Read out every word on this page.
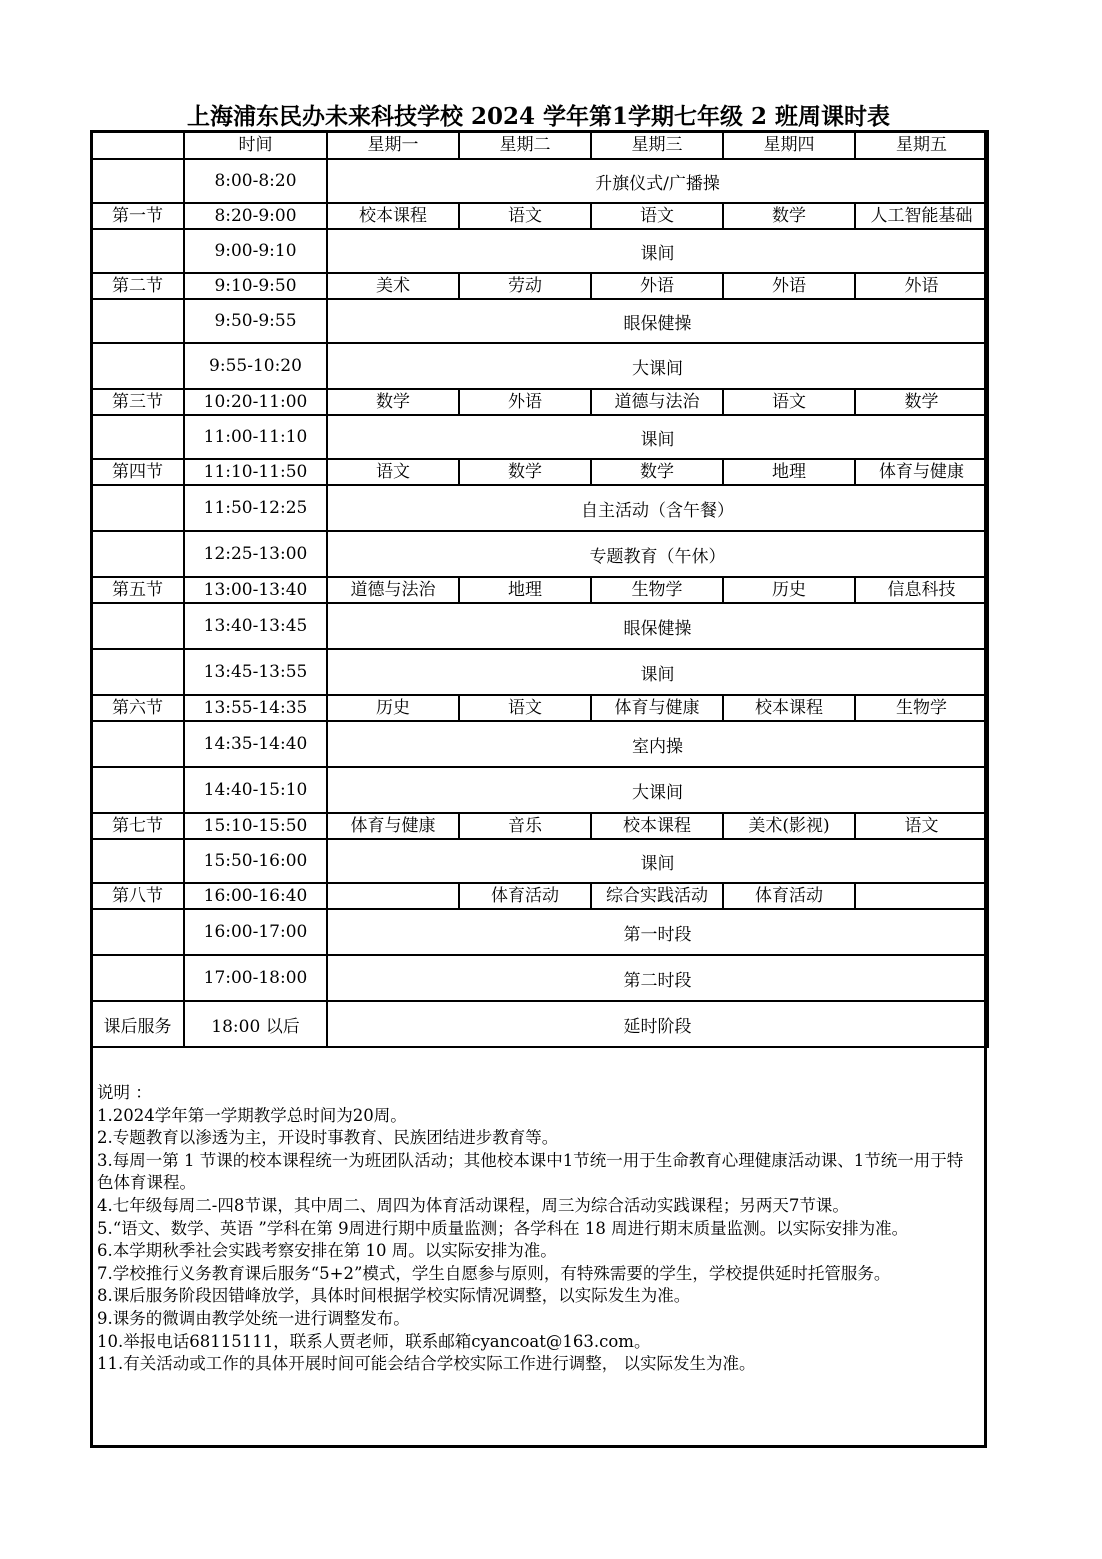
上海浦东民办未来科技学校 2024 学年第1学期七年级 2 班周课时表
	时间	星期一	星期二	星期三	星期四	星期五
	8:00-8:20	升旗仪式/广播操				
第一节	8:20-9:00	校本课程	语文	语文	数学	人工智能基础
	9:00-9:10	课间				
第二节	9:10-9:50	美术	劳动	外语	外语	外语
	9:50-9:55	眼保健操				
	9:55-10:20	大课间				
第三节	10:20-11:00	数学	外语	道德与法治	语文	数学
	11:00-11:10	课间				
第四节	11:10-11:50	语文	数学	数学	地理	体育与健康
	11:50-12:25	自主活动（含午餐）				
	12:25-13:00	专题教育（午休）				
第五节	13:00-13:40	道德与法治	地理	生物学	历史	信息科技
	13:40-13:45	眼保健操				
	13:45-13:55	课间				
第六节	13:55-14:35	历史	语文	体育与健康	校本课程	生物学
	14:35-14:40	室内操				
	14:40-15:10	大课间				
第七节	15:10-15:50	体育与健康	音乐	校本课程	美术(影视)	语文
	15:50-16:00	课间				
第八节	16:00-16:40		体育活动	综合实践活动	体育活动	
	16:00-17:00	第一时段				
	17:00-18:00	第二时段				
课后服务	18:00 以后	延时阶段				
说明 ：
1.2024学年第一学期教学总时间为20周。
2.专题教育以渗透为主，开设时事教育、民族团结进步教育等。
3.每周一第 1 节课的校本课程统一为班团队活动；其他校本课中1节统一用于生命教育心理健康活动课、1节统一用于特色体育课程。
4.七年级每周二-四8节课，其中周二、周四为体育活动课程，周三为综合活动实践课程；另两天7节课。
5.“语文、数学、英语 ”学科在第 9周进行期中质量监测；各学科在 18 周进行期末质量监测。以实际安排为准。
6.本学期秋季社会实践考察安排在第 10 周。以实际安排为准。
7.学校推行义务教育课后服务“5+2”模式，学生自愿参与原则，有特殊需要的学生，学校提供延时托管服务。
8.课后服务阶段因错峰放学，具体时间根据学校实际情况调整，以实际发生为准。
9.课务的微调由教学处统一进行调整发布。
10.举报电话68115111，联系人贾老师，联系邮箱cyancoat@163.com。
11.有关活动或工作的具体开展时间可能会结合学校实际工作进行调整， 以实际发生为准。
